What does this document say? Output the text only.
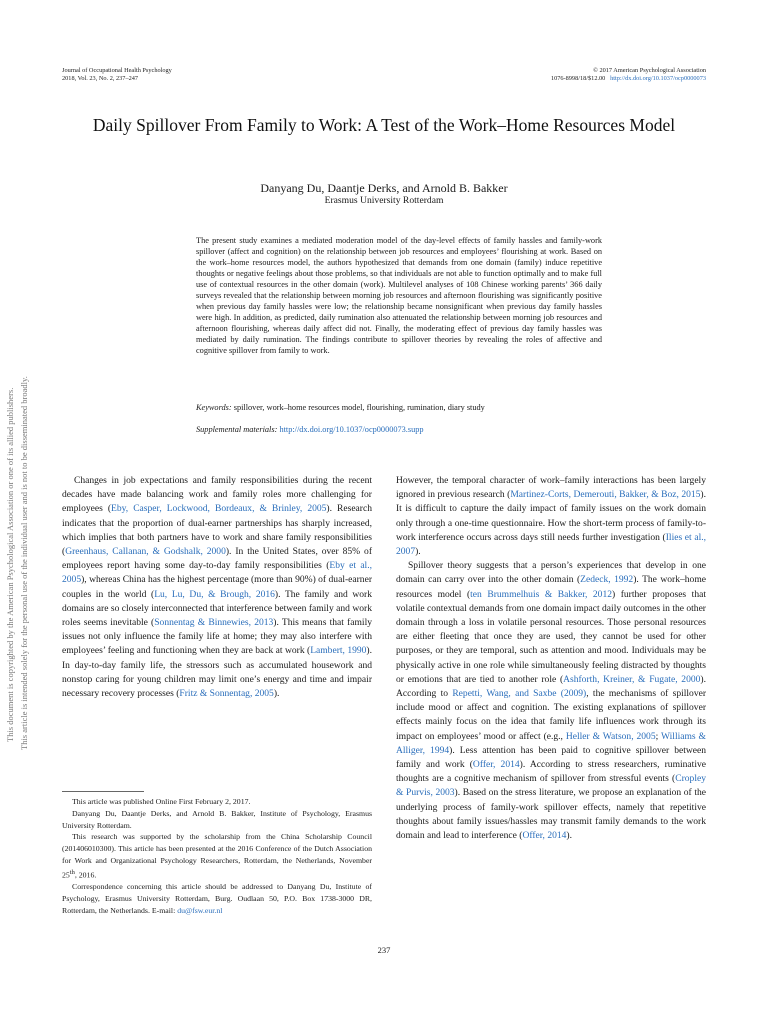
Journal of Occupational Health Psychology
2018, Vol. 23, No. 2, 237–247
© 2017 American Psychological Association
1076-8998/18/$12.00 http://dx.doi.org/10.1037/ocp0000073
Daily Spillover From Family to Work: A Test of the Work–Home Resources Model
Danyang Du, Daantje Derks, and Arnold B. Bakker
Erasmus University Rotterdam
The present study examines a mediated moderation model of the day-level effects of family hassles and family-work spillover (affect and cognition) on the relationship between job resources and employees’ flourishing at work. Based on the work–home resources model, the authors hypothesized that demands from one domain (family) induce repetitive thoughts or negative feelings about those problems, so that individuals are not able to function optimally and to make full use of contextual resources in the other domain (work). Multilevel analyses of 108 Chinese working parents’ 366 daily surveys revealed that the relationship between morning job resources and afternoon flourishing was significantly positive when previous day family hassles were low; the relationship became nonsignificant when previous day family hassles were high. In addition, as predicted, daily rumination also attenuated the relationship between morning job resources and afternoon flourishing, whereas daily affect did not. Finally, the moderating effect of previous day family hassles was mediated by daily rumination. The findings contribute to spillover theories by revealing the roles of affective and cognitive spillover from family to work.
Keywords: spillover, work–home resources model, flourishing, rumination, diary study
Supplemental materials: http://dx.doi.org/10.1037/ocp0000073.supp

Changes in job expectations and family responsibilities during the recent decades have made balancing work and family roles more challenging for employees (Eby, Casper, Lockwood, Bordeaux, & Brinley, 2005). Research indicates that the proportion of dual-earner partnerships has sharply increased, which implies that both partners have to work and share family responsibilities (Greenhaus, Callanan, & Godshalk, 2000). In the United States, over 85% of employees report having some day-to-day family responsibilities (Eby et al., 2005), whereas China has the highest percentage (more than 90%) of dual-earner couples in the world (Lu, Lu, Du, & Brough, 2016). The family and work domains are so closely interconnected that interference between family and work roles seems inevitable (Sonnentag & Binnewies, 2013). This means that family issues not only influence the family life at home; they may also interfere with employees’ feeling and functioning when they are back at work (Lambert, 1990). In day-to-day family life, the stressors such as accumulated housework and nonstop caring for young children may limit one’s energy and time and impair necessary recovery processes (Fritz & Sonnentag, 2005).

This article was published Online First February 2, 2017.

Danyang Du, Daantje Derks, and Arnold B. Bakker, Institute of Psychology, Erasmus University Rotterdam.

This research was supported by the scholarship from the China Scholarship Council (201406010300). This article has been presented at the 2016 Conference of the Dutch Association for Work and Organizational Psychology Researchers, Rotterdam, the Netherlands, November 25th, 2016.

Correspondence concerning this article should be addressed to Danyang Du, Institute of Psychology, Erasmus University Rotterdam, Burg. Oudlaan 50, P.O. Box 1738-3000 DR, Rotterdam, the Netherlands. E-mail: du@fsw.eur.nl

However, the temporal character of work–family interactions has been largely ignored in previous research (Martinez-Corts, Demerouti, Bakker, & Boz, 2015). It is difficult to capture the daily impact of family issues on the work domain only through a one-time questionnaire. How the short-term process of family-to-work interference occurs across days still needs further investigation (Ilies et al., 2007).

Spillover theory suggests that a person’s experiences that develop in one domain can carry over into the other domain (Zedeck, 1992). The work–home resources model (ten Brummelhuis & Bakker, 2012) further proposes that volatile contextual demands from one domain impact daily outcomes in the other domain through a loss in volatile personal resources. Those personal resources are either fleeting that once they are used, they cannot be used for other purposes, or they are temporal, such as attention and mood. Individuals may be physically active in one role while simultaneously feeling distracted by thoughts or emotions that are tied to another role (Ashforth, Kreiner, & Fugate, 2000). According to Repetti, Wang, and Saxbe (2009), the mechanisms of spillover include mood or affect and cognition. The existing explanations of spillover effects mainly focus on the idea that family life influences work through its impact on employees’ mood or affect (e.g., Heller & Watson, 2005; Williams & Alliger, 1994). Less attention has been paid to cognitive spillover between family and work (Offer, 2014). According to stress researchers, ruminative thoughts are a cognitive mechanism of spillover from stressful events (Cropley & Purvis, 2003). Based on the stress literature, we propose an explanation of the underlying process of family-work spillover effects, namely that repetitive thoughts about family issues/hassles may transmit family demands to the work domain and lead to interference (Offer, 2014).

237
This document is copyrighted by the American Psychological Association or one of its allied publishers. This article is intended solely for the personal use of the individual user and is not to be disseminated broadly.
